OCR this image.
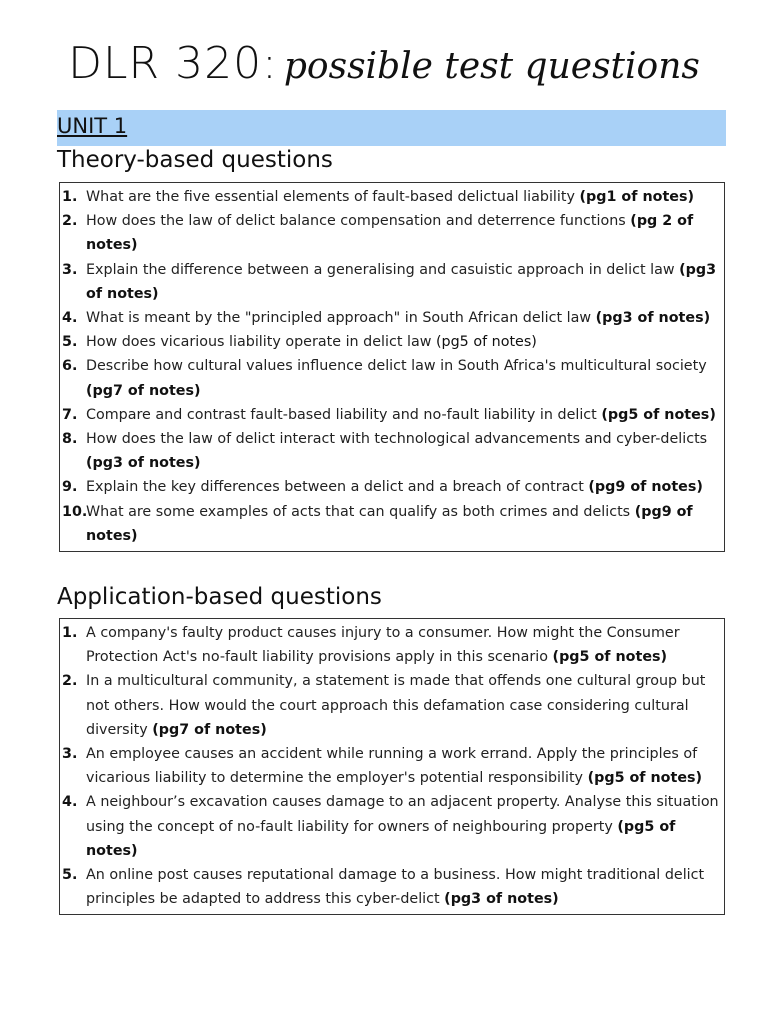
DLR 320: possible test questions
UNIT 1
Theory-based questions
1. What are the five essential elements of fault-based delictual liability (pg1 of notes)
2. How does the law of delict balance compensation and deterrence functions (pg 2 of notes)
3. Explain the difference between a generalising and casuistic approach in delict law (pg3 of notes)
4. What is meant by the "principled approach" in South African delict law (pg3 of notes)
5. How does vicarious liability operate in delict law (pg5 of notes)
6. Describe how cultural values influence delict law in South Africa's multicultural society (pg7 of notes)
7. Compare and contrast fault-based liability and no-fault liability in delict (pg5 of notes)
8. How does the law of delict interact with technological advancements and cyber-delicts (pg3 of notes)
9. Explain the key differences between a delict and a breach of contract (pg9 of notes)
10.
What are some examples of acts that can qualify as both crimes and delicts (pg9 of notes)
Application-based questions
1. A company's faulty product causes injury to a consumer. How might the Consumer Protection Act's no-fault liability provisions apply in this scenario (pg5 of notes)
2. In a multicultural community, a statement is made that offends one cultural group but not others. How would the court approach this defamation case considering cultural diversity (pg7 of notes)
3. An employee causes an accident while running a work errand. Apply the principles of vicarious liability to determine the employer's potential responsibility (pg5 of notes)
4. A neighbour’s excavation causes damage to an adjacent property. Analyse this situation using the concept of no-fault liability for owners of neighbouring property (pg5 of notes)
5. An online post causes reputational damage to a business. How might traditional delict principles be adapted to address this cyber-delict (pg3 of notes)
